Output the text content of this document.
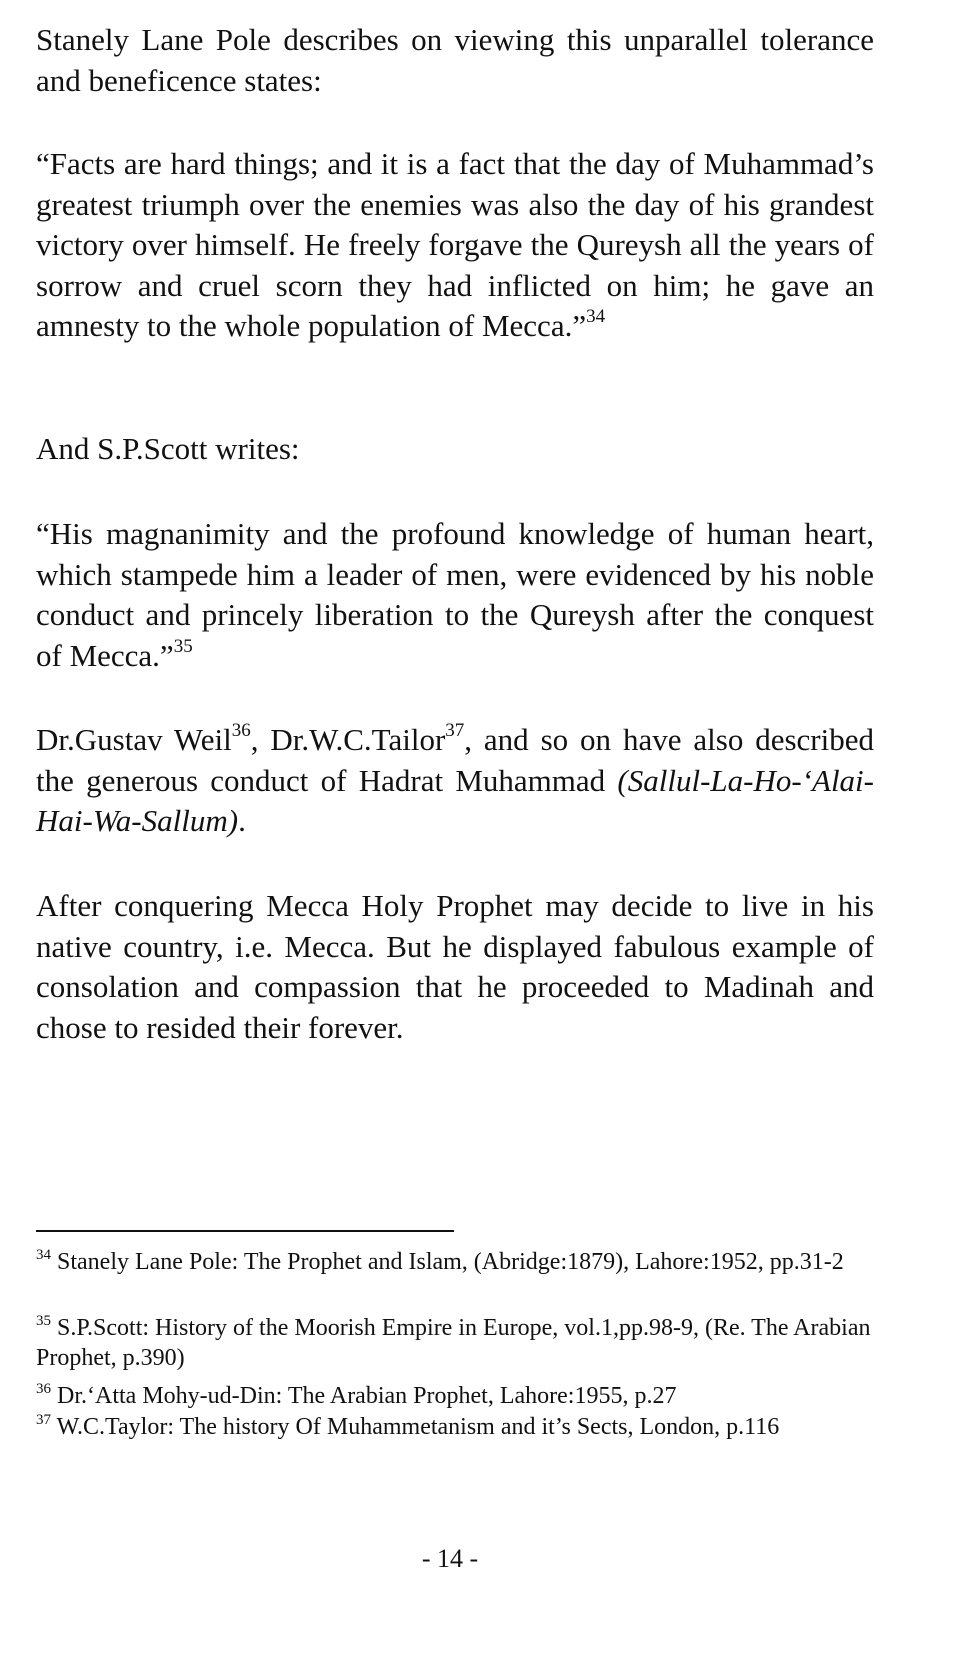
Stanely Lane Pole describes on viewing this unparallel tolerance and beneficence states:

“Facts are hard things; and it is a fact that the day of Muhammad’s greatest triumph over the enemies was also the day of his grandest victory over himself. He freely forgave the Qureysh all the years of sorrow and cruel scorn they had inflicted on him; he gave an amnesty to the whole population of Mecca.”$^{34}$

And S.P.Scott writes:

“His magnanimity and the profound knowledge of human heart, which stampede him a leader of men, were evidenced by his noble conduct and princely liberation to the Qureysh after the conquest of Mecca.”$^{35}$

Dr.Gustav Weil$^{36}$, Dr.W.C.Tailor$^{37}$, and so on have also described the generous conduct of Hadrat Muhammad (Sallul-La-Ho-‘Alai-Hai-Wa-Sallum).

After conquering Mecca Holy Prophet may decide to live in his native country, i.e. Mecca. But he displayed fabulous example of consolation and compassion that he proceeded to Madinah and chose to resided their forever.

$^{34}$ Stanely Lane Pole: The Prophet and Islam, (Abridge:1879), Lahore:1952, pp.31-2

$^{35}$ S.P.Scott: History of the Moorish Empire in Europe, vol.1,pp.98-9, (Re. The Arabian Prophet, p.390)

$^{36}$ Dr.‘Atta Mohy-ud-Din: The Arabian Prophet, Lahore:1955, p.27

$^{37}$ W.C.Taylor: The history Of Muhammetanism and it’s Sects, London, p.116

- 14 -
